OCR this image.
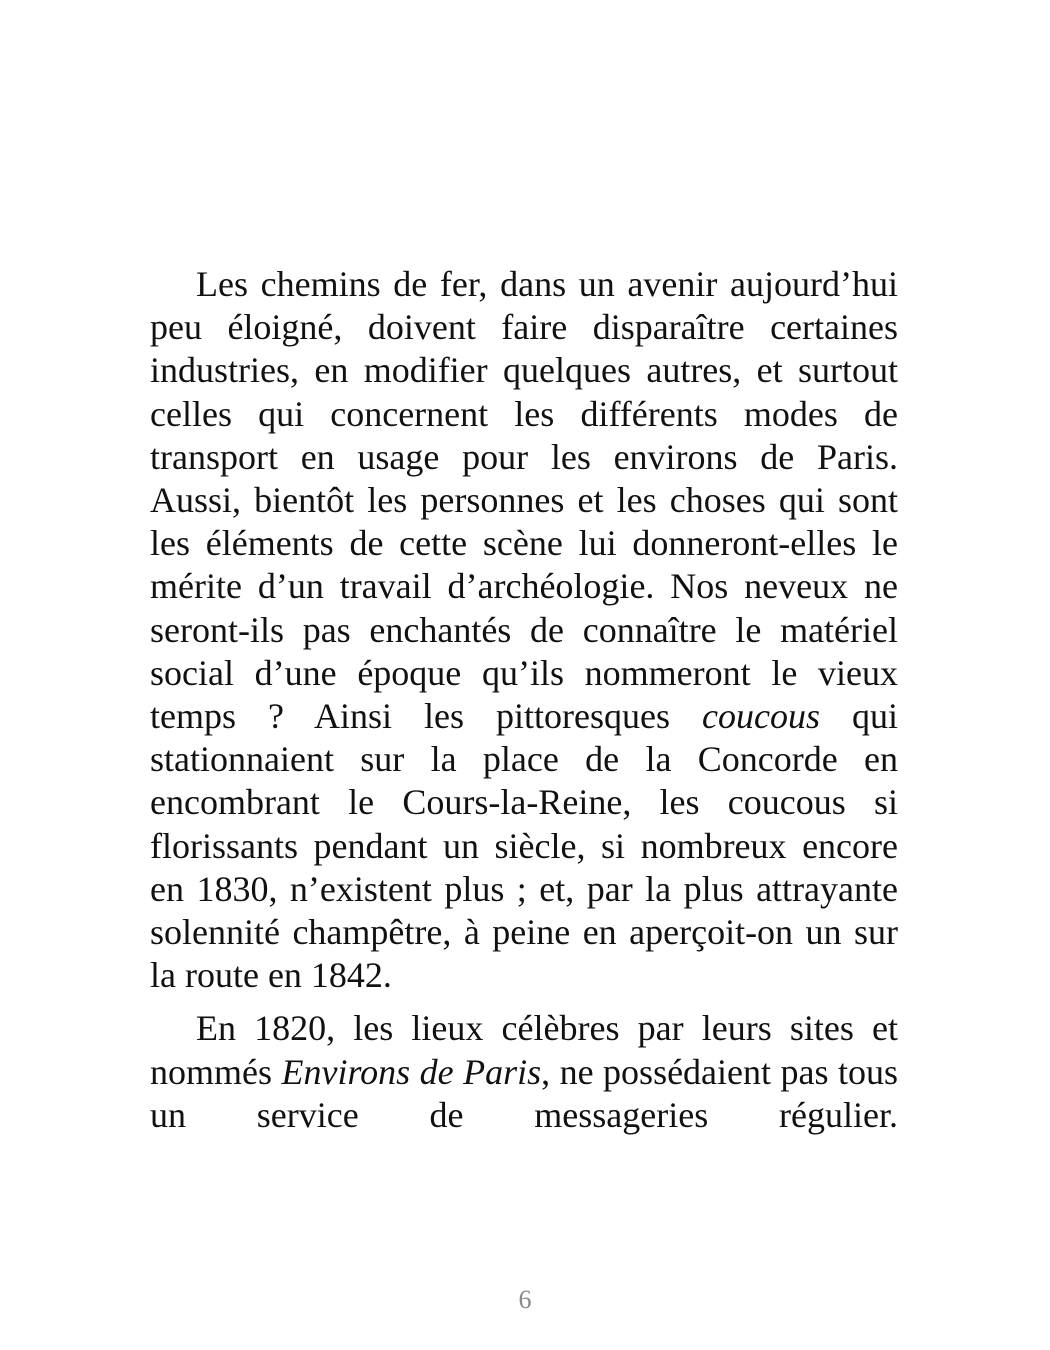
Les chemins de fer, dans un avenir aujourd’hui peu éloigné, doivent faire disparaître certaines industries, en modifier quelques autres, et surtout celles qui concernent les différents modes de transport en usage pour les environs de Paris. Aussi, bientôt les personnes et les choses qui sont les éléments de cette scène lui donneront-elles le mérite d’un travail d’archéologie. Nos neveux ne seront-ils pas enchantés de connaître le matériel social d’une époque qu’ils nommeront le vieux temps ? Ainsi les pittoresques coucous qui stationnaient sur la place de la Concorde en encombrant le Cours-la-Reine, les coucous si florissants pendant un siècle, si nombreux encore en 1830, n’existent plus ; et, par la plus attrayante solennité champêtre, à peine en aperçoit-on un sur la route en 1842.

En 1820, les lieux célèbres par leurs sites et nommés Environs de Paris, ne possédaient pas tous un service de messageries régulier.

6
